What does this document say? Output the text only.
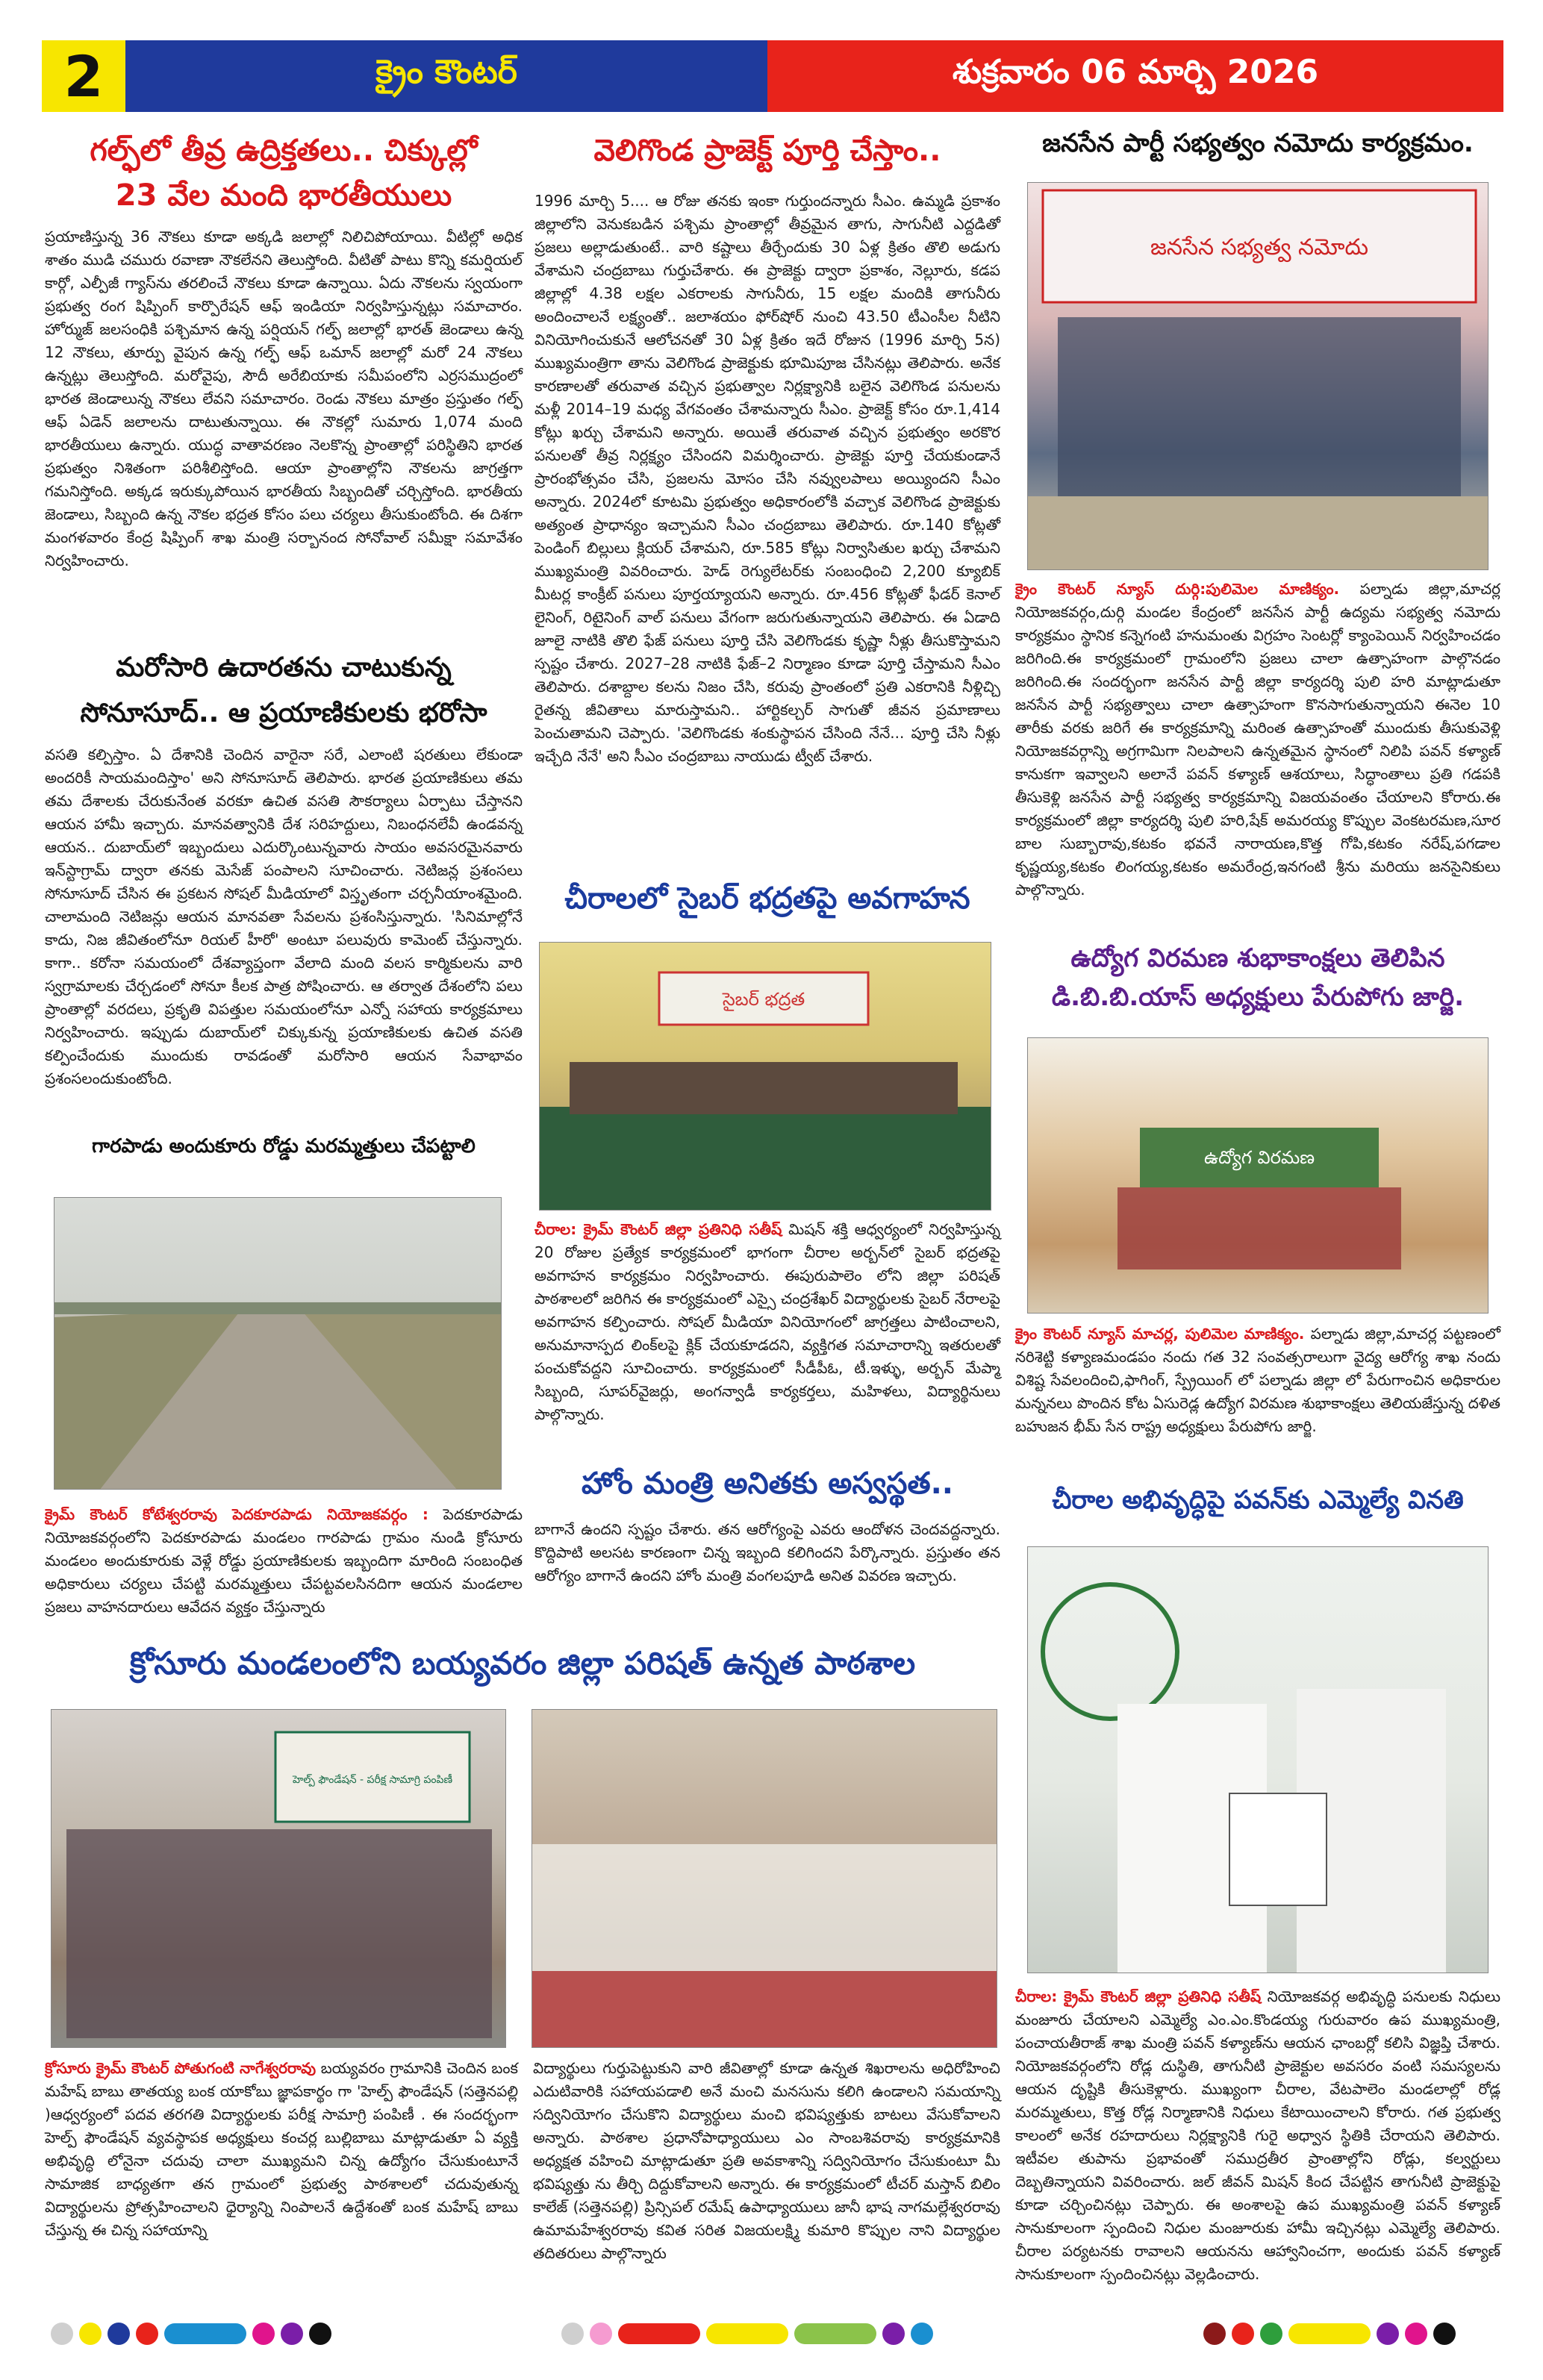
2	క్రైం కౌంటర్	శుక్రవారం 06 మార్చి 2026
గల్ఫ్‌లో తీవ్ర ఉద్రిక్తతలు.. చిక్కుల్లో
23 వేల మంది భారతీయులు
ప్రయాణిస్తున్న 36 నౌకలు కూడా అక్కడి జలాల్లో నిలిచిపోయాయి. వీటిల్లో అధిక శాతం ముడి చమురు రవాణా నౌకలేనని తెలుస్తోంది. వీటితో పాటు కొన్ని కమర్షియల్ కార్గో, ఎల్పీజీ గ్యాస్‌ను తరలించే నౌకలు కూడా ఉన్నాయి. ఏదు నౌకలను స్వయంగా ప్రభుత్వ రంగ షిప్పింగ్ కార్పొరేషన్ ఆఫ్ ఇండియా నిర్వహిస్తున్నట్లు సమాచారం. హోర్ముజ్ జలసంధికి పశ్చిమాన ఉన్న పర్షియన్ గల్ఫ్ జలాల్లో భారత్ జెండాలు ఉన్న 12 నౌకలు, తూర్పు వైపున ఉన్న గల్ఫ్ ఆఫ్ ఒమాన్ జలాల్లో మరో 24 నౌకలు ఉన్నట్లు తెలుస్తోంది. మరోవైపు, సౌదీ అరేబియాకు సమీపంలోని ఎర్రసముద్రంలో భారత జెండాలున్న నౌకలు లేవని సమాచారం. రెండు నౌకలు మాత్రం ప్రస్తుతం గల్ఫ్ ఆఫ్ ఏడెన్ జలాలను దాటుతున్నాయి. ఈ నౌకల్లో సుమారు 1,074 మంది భారతీయులు ఉన్నారు. యుద్ధ వాతావరణం నెలకొన్న ప్రాంతాల్లో పరిస్థితిని భారత ప్రభుత్వం నిశితంగా పరిశీలిస్తోంది. ఆయా ప్రాంతాల్లోని నౌకలను జాగ్రత్తగా గమనిస్తోంది. అక్కడ ఇరుక్కుపోయిన భారతీయ సిబ్బందితో చర్చిస్తోంది. భారతీయ జెండాలు, సిబ్బంది ఉన్న నౌకల భద్రత కోసం పలు చర్యలు తీసుకుంటోంది. ఈ దిశగా మంగళవారం కేంద్ర షిప్పింగ్ శాఖ మంత్రి సర్బానంద సోనోవాల్ సమీక్షా సమావేశం నిర్వహించారు.
మరోసారి ఉదారతను చాటుకున్న
సోనూసూద్.. ఆ ప్రయాణికులకు భరోసా
వసతి కల్పిస్తాం. ఏ దేశానికి చెందిన వారైనా సరే, ఎలాంటి షరతులు లేకుండా అందరికీ సాయమందిస్తాం' అని సోనూసూద్ తెలిపారు. భారత ప్రయాణికులు తమ తమ దేశాలకు చేరుకునేంత వరకూ ఉచిత వసతి సౌకర్యాలు ఏర్పాటు చేస్తానని ఆయన హామీ ఇచ్చారు. మానవత్వానికి దేశ సరిహద్దులు, నిబంధనలేవీ ఉండవన్న ఆయన.. దుబాయ్‌లో ఇబ్బందులు ఎదుర్కొంటున్నవారు సాయం అవసరమైనవారు ఇన్‌స్టాగ్రామ్ ద్వారా తనకు మెసేజ్ పంపాలని సూచించారు. నెటిజన్ల ప్రశంసలు సోనూసూద్ చేసిన ఈ ప్రకటన సోషల్ మీడియాలో విస్తృతంగా చర్చనీయాంశమైంది. చాలామంది నెటిజన్లు ఆయన మానవతా సేవలను ప్రశంసిస్తున్నారు. 'సినిమాల్లోనే కాదు, నిజ జీవితంలోనూ రియల్ హీరో' అంటూ పలువురు కామెంట్ చేస్తున్నారు. కాగా.. కరోనా సమయంలో దేశవ్యాప్తంగా వేలాది మంది వలస కార్మికులను వారి స్వగ్రామాలకు చేర్చడంలో సోనూ కీలక పాత్ర పోషించారు. ఆ తర్వాత దేశంలోని పలు ప్రాంతాల్లో వరదలు, ప్రకృతి విపత్తుల సమయంలోనూ ఎన్నో సహాయ కార్యక్రమాలు నిర్వహించారు. ఇప్పుడు దుబాయ్‌లో చిక్కుకున్న ప్రయాణికులకు ఉచిత వసతి కల్పించేందుకు ముందుకు రావడంతో మరోసారి ఆయన సేవాభావం ప్రశంసలందుకుంటోంది.
గారపాడు అందుకూరు రోడ్డు మరమ్మత్తులు చేపట్టాలి
క్రైమ్ కౌంటర్ కోటేశ్వరరావు పెదకూరపాడు నియోజకవర్గం : పెదకూరపాడు నియోజకవర్గంలోని పెదకూరపాడు మండలం గారపాడు గ్రామం నుండి క్రోసూరు మండలం అందుకూరుకు వెళ్లే రోడ్డు ప్రయాణికులకు ఇబ్బందిగా మారింది సంబంధిత అధికారులు చర్యలు చేపట్టి మరమ్మత్తులు చేపట్టవలసినదిగా ఆయన మండలాల ప్రజలు వాహనదారులు ఆవేదన వ్యక్తం చేస్తున్నారు
వెలిగొండ ప్రాజెక్ట్ పూర్తి చేస్తాం..
1996 మార్చి 5.... ఆ రోజు తనకు ఇంకా గుర్తుందన్నారు సీఎం. ఉమ్మడి ప్రకాశం జిల్లాలోని వెనుకబడిన పశ్చిమ ప్రాంతాల్లో తీవ్రమైన తాగు, సాగునీటి ఎద్దడితో ప్రజలు అల్లాడుతుంటే.. వారి కష్టాలు తీర్చేందుకు 30 ఏళ్ల క్రితం తొలి అడుగు వేశామని చంద్రబాబు గుర్తుచేశారు. ఈ ప్రాజెక్టు ద్వారా ప్రకాశం, నెల్లూరు, కడప జిల్లాల్లో 4.38 లక్షల ఎకరాలకు సాగునీరు, 15 లక్షల మందికి తాగునీరు అందించాలనే లక్ష్యంతో.. జలాశయం ఫోర్‌షోర్ నుంచి 43.50 టీఎంసీల నీటిని వినియోగించుకునే ఆలోచనతో 30 ఏళ్ల క్రితం ఇదే రోజున (1996 మార్చి 5న) ముఖ్యమంత్రిగా తాను వెలిగొండ ప్రాజెక్టుకు భూమిపూజ చేసినట్లు తెలిపారు. అనేక కారణాలతో తరువాత వచ్చిన ప్రభుత్వాల నిర్లక్ష్యానికి బలైన వెలిగొండ పనులను మళ్లీ 2014–19 మధ్య వేగవంతం చేశామన్నారు సీఎం. ప్రాజెక్ట్ కోసం రూ.1,414 కోట్లు ఖర్చు చేశామని అన్నారు. అయితే తరువాత వచ్చిన ప్రభుత్వం అరకొర పనులతో తీవ్ర నిర్లక్ష్యం చేసిందని విమర్శించారు. ప్రాజెక్టు పూర్తి చేయకుండానే ప్రారంభోత్సవం చేసి, ప్రజలను మోసం చేసి నవ్వులపాలు అయ్యిందని సీఎం అన్నారు. 2024లో కూటమి ప్రభుత్వం అధికారంలోకి వచ్చాక వెలిగొండ ప్రాజెక్టుకు అత్యంత ప్రాధాన్యం ఇచ్చామని సీఎం చంద్రబాబు తెలిపారు. రూ.140 కోట్లతో పెండింగ్ బిల్లులు క్లియర్ చేశామని, రూ.585 కోట్లు నిర్వాసితుల ఖర్చు చేశామని ముఖ్యమంత్రి వివరించారు. హెడ్ రెగ్యులేటర్‌కు సంబంధించి 2,200 క్యూబిక్ మీటర్ల కాంక్రీట్ పనులు పూర్తయ్యాయని అన్నారు. రూ.456 కోట్లతో ఫీడర్ కెనాల్ లైనింగ్, రిటైనింగ్ వాల్ పనులు వేగంగా జరుగుతున్నాయని తెలిపారు. ఈ ఏడాది జూలై నాటికి తొలి ఫేజ్ పనులు పూర్తి చేసి వెలిగొండకు కృష్ణా నీళ్లు తీసుకొస్తామని స్పష్టం చేశారు. 2027–28 నాటికి ఫేజ్–2 నిర్మాణం కూడా పూర్తి చేస్తామని సీఎం తెలిపారు. దశాబ్దాల కలను నిజం చేసి, కరువు ప్రాంతంలో ప్రతి ఎకరానికి నీళ్లిచ్చి రైతన్న జీవితాలు మారుస్తామని.. హార్టికల్చర్ సాగుతో జీవన ప్రమాణాలు పెంచుతామని చెప్పారు. 'వెలిగొండకు శంకుస్థాపన చేసింది నేనే... పూర్తి చేసి నీళ్లు ఇచ్చేది నేనే' అని సీఎం చంద్రబాబు నాయుడు ట్వీట్ చేశారు.
చీరాలలో సైబర్ భద్రతపై అవగాహన
సైబర్ భద్రత
చీరాల: క్రైమ్ కౌంటర్ జిల్లా ప్రతినిధి సతీష్ మిషన్ శక్తి ఆధ్వర్యంలో నిర్వహిస్తున్న 20 రోజుల ప్రత్యేక కార్యక్రమంలో భాగంగా చీరాల అర్బన్‌లో సైబర్ భద్రతపై అవగాహన కార్యక్రమం నిర్వహించారు. ఈపురుపాలెం లోని జిల్లా పరిషత్ పాఠశాలలో జరిగిన ఈ కార్యక్రమంలో ఎస్సై చంద్రశేఖర్ విద్యార్థులకు సైబర్ నేరాలపై అవగాహన కల్పించారు. సోషల్ మీడియా వినియోగంలో జాగ్రత్తలు పాటించాలని, అనుమానాస్పద లింక్‌లపై క్లిక్ చేయకూడదని, వ్యక్తిగత సమాచారాన్ని ఇతరులతో పంచుకోవద్దని సూచించారు. కార్యక్రమంలో సీడీపీఓ, టీ.ఇళ్ళు, అర్బన్ మేప్మా సిబ్బంది, సూపర్‌వైజర్లు, అంగన్వాడీ కార్యకర్తలు, మహిళలు, విద్యార్థినులు పాల్గొన్నారు.
హోం మంత్రి అనితకు అస్వస్థత..
బాగానే ఉందని స్పష్టం చేశారు. తన ఆరోగ్యంపై ఎవరు ఆందోళన చెందవద్దన్నారు. కొద్దిపాటి అలసట కారణంగా చిన్న ఇబ్బంది కలిగిందని పేర్కొన్నారు. ప్రస్తుతం తన ఆరోగ్యం బాగానే ఉందని హోం మంత్రి వంగలపూడి అనిత వివరణ ఇచ్చారు.
జనసేన పార్టీ సభ్యత్వం నమోదు కార్యక్రమం.
జనసేన సభ్యత్వ నమోదు
క్రైం కౌంటర్ న్యూస్ దుర్గి:పులిమెల మాణిక్యం. పల్నాడు జిల్లా,మాచర్ల నియోజకవర్గం,దుర్గి మండల కేంద్రంలో జనసేన పార్టీ ఉద్యమ సభ్యత్వ నమోదు కార్యక్రమం స్థానిక కన్నెగంటి హనుమంతు విగ్రహం సెంటర్లో క్యాంపెయిన్ నిర్వహించడం జరిగింది.ఈ కార్యక్రమంలో గ్రామంలోని ప్రజలు చాలా ఉత్సాహంగా పాల్గొనడం జరిగింది.ఈ సందర్భంగా జనసేన పార్టీ జిల్లా కార్యదర్శి పులి హరి మాట్లాడుతూ జనసేన పార్టీ సభ్యత్వాలు చాలా ఉత్సాహంగా కొనసాగుతున్నాయని ఈనెల 10 తారీకు వరకు జరిగే ఈ కార్యక్రమాన్ని మరింత ఉత్సాహంతో ముందుకు తీసుకువెళ్లి నియోజకవర్గాన్ని అగ్రగామిగా నిలపాలని ఉన్నతమైన స్థానంలో నిలిపి పవన్ కళ్యాణ్ కానుకగా ఇవ్వాలని అలానే పవన్ కళ్యాణ్ ఆశయాలు, సిద్ధాంతాలు ప్రతి గడపకి తీసుకెళ్లి జనసేన పార్టీ సభ్యత్వ కార్యక్రమాన్ని విజయవంతం చేయాలని కోరారు.ఈ కార్యక్రమంలో జిల్లా కార్యదర్శి పులి హరి,షేక్ అమరయ్య కొప్పుల వెంకటరమణ,సూర బాల సుబ్బారావు,కటకం భవనే నారాయణ,కొత్త గోపి,కటకం నరేష్,పగడాల కృష్ణయ్య,కటకం లింగయ్య,కటకం అమరేంద్ర,ఇనగంటి శ్రీను మరియు జనసైనికులు పాల్గొన్నారు.
ఉద్యోగ విరమణ శుభాకాంక్షలు తెలిపిన
డి.బి.బి.యాస్ అధ్యక్షులు పేరుపోగు జార్జి.
ఉద్యోగ విరమణ
క్రైం కౌంటర్ న్యూస్ మాచర్ల, పులిమెల మాణిక్యం. పల్నాడు జిల్లా,మాచర్ల పట్టణంలో నరిశెట్టి కళ్యాణమండపం నందు గత 32 సంవత్సరాలుగా వైద్య ఆరోగ్య శాఖ నందు విశిష్ట సేవలందించి,ఫాగింగ్, స్ప్రేయింగ్ లో పల్నాడు జిల్లా లో పేరుగాంచిన అధికారుల మన్ననలు పొందిన కోట ఏసురెడ్ల ఉద్యోగ విరమణ శుభాకాంక్షలు తెలియజేస్తున్న దళిత బహుజన భీమ్ సేన రాష్ట్ర అధ్యక్షులు పేరుపోగు జార్జి.
చీరాల అభివృద్ధిపై పవన్‌కు ఎమ్మెల్యే వినతి
చీరాల: క్రైమ్ కౌంటర్ జిల్లా ప్రతినిధి సతీష్ నియోజకవర్గ అభివృద్ధి పనులకు నిధులు మంజూరు చేయాలని ఎమ్మెల్యే ఎం.ఎం.కొండయ్య గురువారం ఉప ముఖ్యమంత్రి, పంచాయతీరాజ్ శాఖ మంత్రి పవన్ కళ్యాణ్‌ను ఆయన ఛాంబర్లో కలిసి విజ్ఞప్తి చేశారు. నియోజకవర్గంలోని రోడ్ల దుస్థితి, తాగునీటి ప్రాజెక్టుల అవసరం వంటి సమస్యలను ఆయన దృష్టికి తీసుకెళ్లారు. ముఖ్యంగా చీరాల, వేటపాలెం మండలాల్లో రోడ్ల మరమ్మతులు, కొత్త రోడ్ల నిర్మాణానికి నిధులు కేటాయించాలని కోరారు. గత ప్రభుత్వ కాలంలో అనేక రహదారులు నిర్లక్ష్యానికి గురై అధ్వాన స్థితికి చేరాయని తెలిపారు. ఇటీవల తుపాను ప్రభావంతో సముద్రతీర ప్రాంతాల్లోని రోడ్లు, కల్వర్టులు దెబ్బతిన్నాయని వివరించారు. జల్ జీవన్ మిషన్ కింద చేపట్టిన తాగునీటి ప్రాజెక్టుపై కూడా చర్చించినట్లు చెప్పారు. ఈ అంశాలపై ఉప ముఖ్యమంత్రి పవన్ కళ్యాణ్ సానుకూలంగా స్పందించి నిధుల మంజూరుకు హామీ ఇచ్చినట్లు ఎమ్మెల్యే తెలిపారు. చీరాల పర్యటనకు రావాలని ఆయనను ఆహ్వానించగా, అందుకు పవన్ కళ్యాణ్ సానుకూలంగా స్పందించినట్లు వెల్లడించారు.
క్రోసూరు మండలంలోని బయ్యవరం జిల్లా పరిషత్ ఉన్నత పాఠశాల
హెల్ప్ ఫౌండేషన్ - పరీక్ష సామాగ్రి పంపిణీ
క్రోసూరు క్రైమ్ కౌంటర్ పోతుగంటి నాగేశ్వరరావు బయ్యవరం గ్రామానికి చెందిన బంక మహేష్ బాబు తాతయ్య బంక యాకోబు జ్ఞాపకార్థం గా 'హెల్ప్ ఫౌండేషన్ (సత్తెనపల్లి )ఆధ్వర్యంలో పదవ తరగతి విద్యార్థులకు పరీక్ష సామాగ్రి పంపిణీ . ఈ సందర్భంగా హెల్ప్ ఫౌండేషన్ వ్యవస్థాపక అధ్యక్షులు కంచర్ల బుల్లిబాబు మాట్లాడుతూ ఏ వ్యక్తి అభివృద్ధి లోనైనా చదువు చాలా ముఖ్యమని చిన్న ఉద్యోగం చేసుకుంటూనే సామాజిక బాధ్యతగా తన గ్రామంలో ప్రభుత్వ పాఠశాలలో చదువుతున్న విద్యార్థులను ప్రోత్సహించాలని ధైర్యాన్ని నింపాలనే ఉద్దేశంతో బంక మహేష్ బాబు చేస్తున్న ఈ చిన్న సహాయాన్ని
విద్యార్థులు గుర్తుపెట్టుకుని వారి జీవితాల్లో కూడా ఉన్నత శిఖరాలను అధిరోహించి ఎదుటివారికి సహాయపడాలి అనే మంచి మనసును కలిగి ఉండాలని సమయాన్ని సద్వినియోగం చేసుకొని విద్యార్థులు మంచి భవిష్యత్తుకు బాటలు వేసుకోవాలని అన్నారు. పాఠశాల ప్రధానోపాధ్యాయులు ఎం సాంబశివరావు కార్యక్రమానికి అధ్యక్షత వహించి మాట్లాడుతూ ప్రతి అవకాశాన్ని సద్వినియోగం చేసుకుంటూ మీ భవిష్యత్తు ను తీర్చి దిద్దుకోవాలని అన్నారు. ఈ కార్యక్రమంలో టీచర్ మస్తాన్ బిలిం కాలేజ్ (సత్తెనపల్లి) ప్రిన్సిపల్ రమేష్ ఉపాధ్యాయులు జానీ భాష నాగమల్లేశ్వరరావు ఉమామహేశ్వరరావు కవిత సరిత విజయలక్ష్మి కుమారి కొప్పుల నాని విద్యార్థుల తదితరులు పాల్గొన్నారు
